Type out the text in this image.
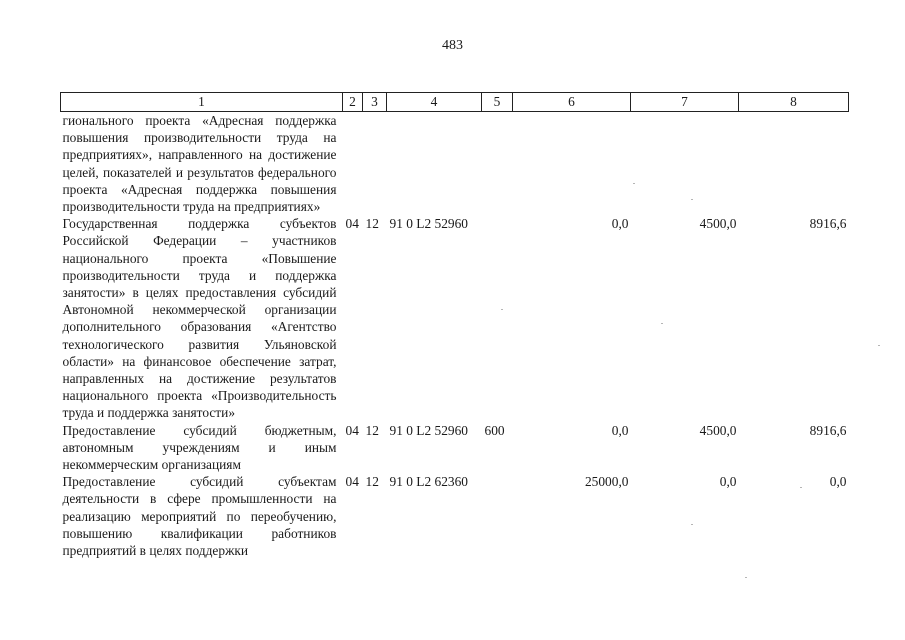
483
1	2	3	4	5	6	7	8
гионального проекта «Адресная поддержка повышения производительности труда на предприятиях», направленного на достижение целей, показателей и результатов федерального проекта «Адресная поддержка повышения производительности труда на предприятиях»							
Государственная поддержка субъектов Российской Федерации – участников национального проекта «Повышение производительности труда и поддержка занятости» в целях предоставления субсидий Автономной некоммерческой организации дополнительного образования «Агентство технологического развития Ульяновской области» на финансовое обеспечение затрат, направленных на достижение результатов национального проекта «Производительность труда и поддержка занятости»	04	12	91 0 L2 52960		0,0	4500,0	8916,6
Предоставление субсидий бюджетным, автономным учреждениям и иным некоммерческим организациям	04	12	91 0 L2 52960	600	0,0	4500,0	8916,6
Предоставление субсидий субъектам деятельности в сфере промышленности на реализацию мероприятий по переобучению, повышению квалификации работников предприятий в целях поддержки	04	12	91 0 L2 62360		25000,0	0,0	0,0
